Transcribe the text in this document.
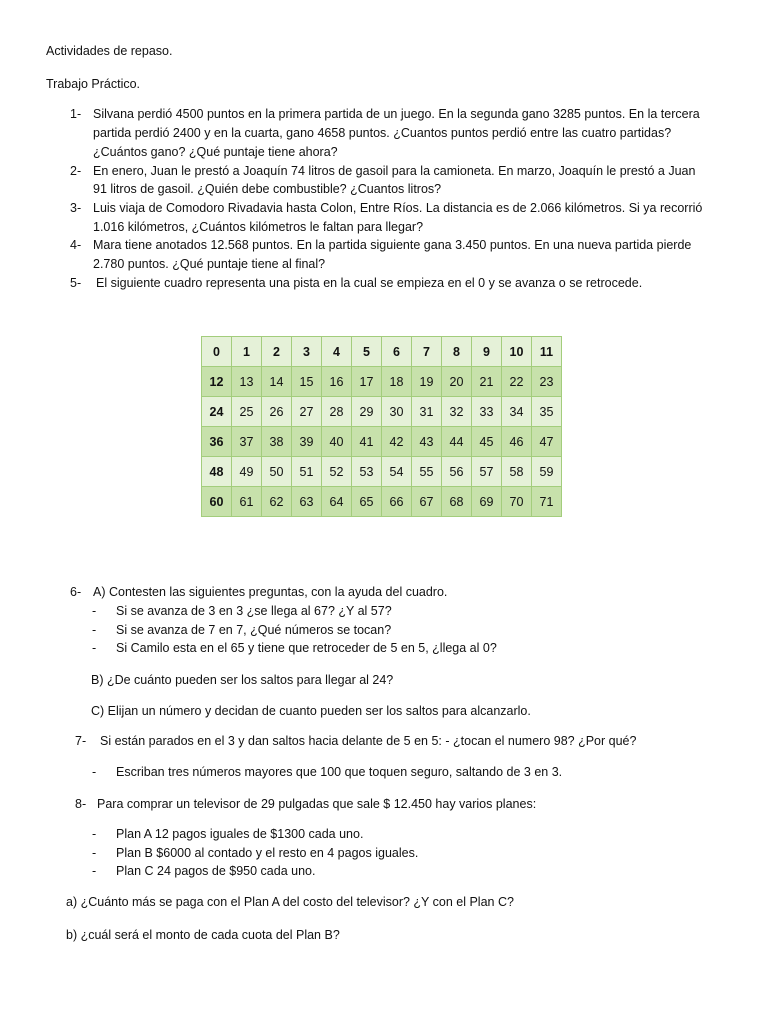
Actividades de repaso.
Trabajo Práctico.
1- Silvana perdió 4500 puntos en la primera partida de un juego. En la segunda gano 3285 puntos. En la tercera
partida perdió 2400 y en la cuarta, gano 4658 puntos. ¿Cuantos puntos perdió entre las cuatro partidas?
¿Cuántos gano? ¿Qué puntaje tiene ahora?
2- En enero, Juan le prestó a Joaquín 74 litros de gasoil para la camioneta. En marzo, Joaquín le prestó a Juan
91 litros de gasoil. ¿Quién debe combustible? ¿Cuantos litros?
3- Luis viaja de Comodoro Rivadavia hasta Colon, Entre Ríos. La distancia es de 2.066 kilómetros. Si ya recorrió
1.016 kilómetros, ¿Cuántos kilómetros le faltan para llegar?
4- Mara tiene anotados 12.568 puntos. En la partida siguiente gana 3.450 puntos. En una nueva partida pierde
2.780 puntos. ¿Qué puntaje tiene al final?
5- El siguiente cuadro representa una pista en la cual se empieza en el 0 y se avanza o se retrocede.
0	1	2	3	4	5	6	7	8	9	10	11
12	13	14	15	16	17	18	19	20	21	22	23
24	25	26	27	28	29	30	31	32	33	34	35
36	37	38	39	40	41	42	43	44	45	46	47
48	49	50	51	52	53	54	55	56	57	58	59
60	61	62	63	64	65	66	67	68	69	70	71
6- A) Contesten las siguientes preguntas, con la ayuda del cuadro.
- Si se avanza de 3 en 3 ¿se llega al 67? ¿Y al 57?
- Si se avanza de 7 en 7, ¿Qué números se tocan?
- Si Camilo esta en el 65 y tiene que retroceder de 5 en 5, ¿llega al 0?
B) ¿De cuánto pueden ser los saltos para llegar al 24?
C) Elijan un número y decidan de cuanto pueden ser los saltos para alcanzarlo.
7- Si están parados en el 3 y dan saltos hacia delante de 5 en 5: - ¿tocan el numero 98? ¿Por qué?
- Escriban tres números mayores que 100 que toquen seguro, saltando de 3 en 3.
8- Para comprar un televisor de 29 pulgadas que sale $ 12.450 hay varios planes:
- Plan A 12 pagos iguales de $1300 cada uno.
- Plan B $6000 al contado y el resto en 4 pagos iguales.
- Plan C 24 pagos de $950 cada uno.
a) ¿Cuánto más se paga con el Plan A del costo del televisor? ¿Y con el Plan C?
b) ¿cuál será el monto de cada cuota del Plan B?
